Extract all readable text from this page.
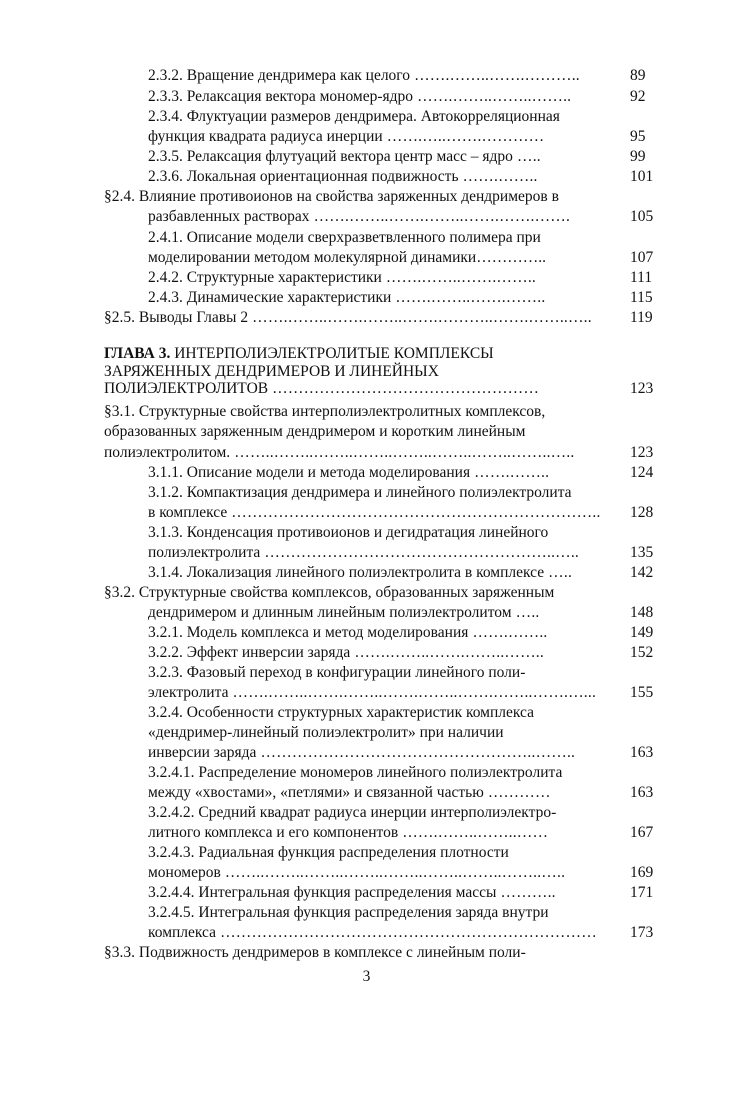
2.3.2. Вращение дендримера как целого …….……..…….………..	89
2.3.3. Релаксация вектора мономер-ядро …….……..……..……..	92
2.3.4. Флуктуации размеров дендримера. Автокорреляционная
функция квадрата радиуса инерции …….…..…….…………	95
2.3.5. Релаксация флутуаций вектора центр масс – ядро …..	99
2.3.6. Локальная ориентационная подвижность …….……..	101
§2.4. Влияние противоионов на свойства заряженных дендримеров в
разбавленных растворах …….……..…….……..…….…….…….	105
2.4.1. Описание модели сверхразветвленного полимера при
моделировании методом молекулярной динамики…………..	107
2.4.2. Структурные характеристики …….……..…….……..	111
2.4.3. Динамические характеристики …….……..…….……..	115
§2.5. Выводы Главы 2 …….……..…….……..…….………..…….……..….. 119
ГЛАВА 3. ИНТЕРПОЛИЭЛЕКТРОЛИТЫЕ КОМПЛЕКСЫ
ЗАРЯЖЕННЫХ ДЕНДРИМЕРОВ И ЛИНЕЙНЫХ
ПОЛИЭЛЕКТРОЛИТОВ ……………………………………………	123
§3.1. Структурные свойства интерполиэлектролитных комплексов,
образованных заряженным дендримером и коротким линейным
полиэлектролитом. ……..……..……..……..……..……..……..……..…..	123
3.1.1. Описание модели и метода моделирования …….……..	124
3.1.2. Компактизация дендримера и линейного полиэлектролита
в комплексе …………………………………………………………….. 128
3.1.3. Конденсация противоионов и дегидратация линейного
полиэлектролита ………………………………………………..…..	135
3.1.4. Локализация линейного полиэлектролита в комплексе …..	142
§3.2. Структурные свойства комплексов, образованных заряженным
дендримером и длинным линейным полиэлектролитом …..	148
3.2.1. Модель комплекса и метод моделирования …….……..	149
3.2.2. Эффект инверсии заряда …….……..…….……..……..	152
3.2.3. Фазовый переход в конфигурации линейного поли-
электролита …….……..…….……..…….……..…….……..…….…... 155
3.2.4. Особенности структурных характеристик комплекса
«дендример-линейный полиэлектролит» при наличии
инверсии заряда ……………………………………………..……..	163
3.2.4.1. Распределение мономеров линейного полиэлектролита
между «хвостами», «петлями» и связанной частью …………	163
3.2.4.2. Средний квадрат радиуса инерции интерполиэлектро-
литного комплекса и его компонентов …….……..……..……	167
3.2.4.3. Радиальная функция распределения плотности
мономеров ……..……..……..……..……..……..……..……..…..	169
3.2.4.4. Интегральная функция распределения массы ………..	171
3.2.4.5. Интегральная функция распределения заряда внутри
комплекса ……………………………………………………………… 173
§3.3. Подвижность дендримеров в комплексе с линейным поли-
3
